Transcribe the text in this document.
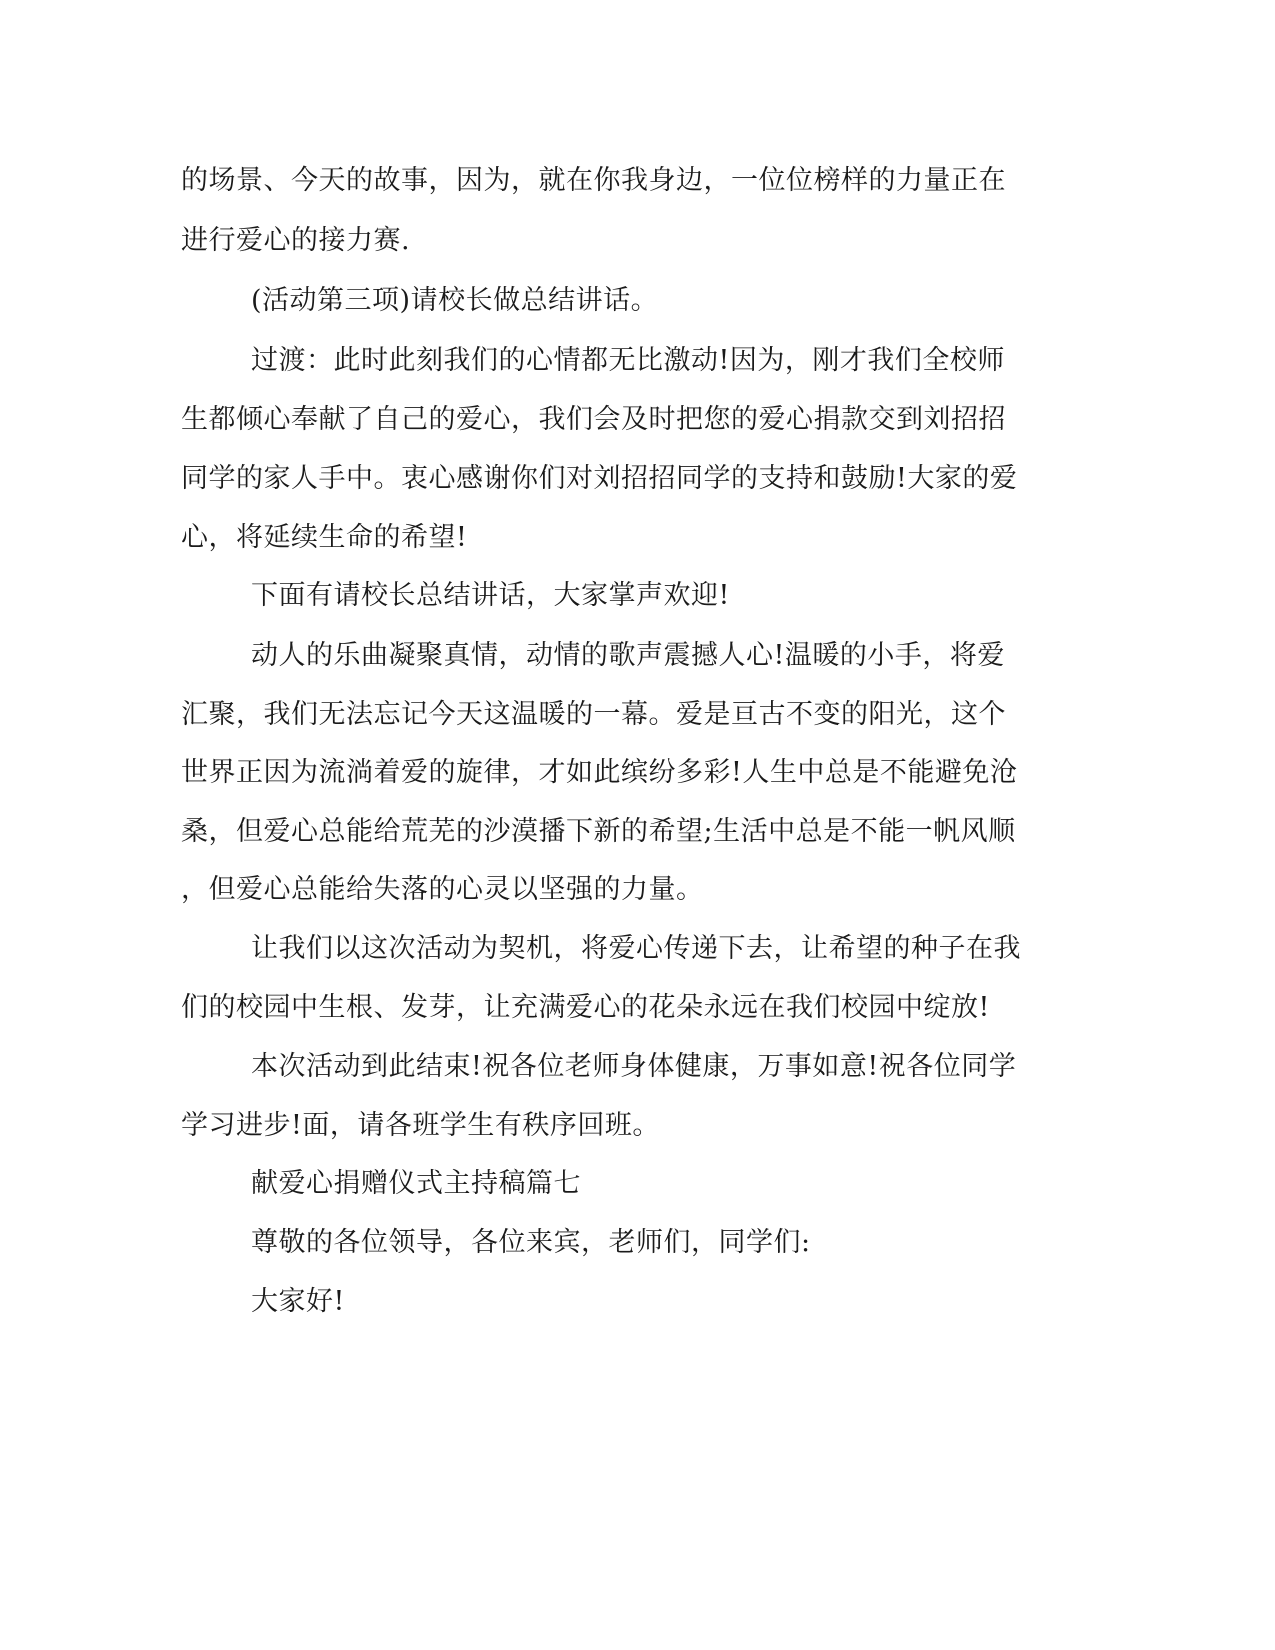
的场景、今天的故事，因为，就在你我身边，一位位榜样的力量正在
进行爱心的接力赛.
(活动第三项)请校长做总结讲话。
过渡：此时此刻我们的心情都无比激动!因为，刚才我们全校师
生都倾心奉献了自己的爱心，我们会及时把您的爱心捐款交到刘招招
同学的家人手中。衷心感谢你们对刘招招同学的支持和鼓励!大家的爱
心，将延续生命的希望!
下面有请校长总结讲话，大家掌声欢迎!
动人的乐曲凝聚真情，动情的歌声震撼人心!温暖的小手，将爱
汇聚，我们无法忘记今天这温暖的一幕。爱是亘古不变的阳光，这个
世界正因为流淌着爱的旋律，才如此缤纷多彩!人生中总是不能避免沧
桑，但爱心总能给荒芜的沙漠播下新的希望;生活中总是不能一帆风顺
，但爱心总能给失落的心灵以坚强的力量。
让我们以这次活动为契机，将爱心传递下去，让希望的种子在我
们的校园中生根、发芽，让充满爱心的花朵永远在我们校园中绽放!
本次活动到此结束!祝各位老师身体健康，万事如意!祝各位同学
学习进步!面，请各班学生有秩序回班。
献爱心捐赠仪式主持稿篇七
尊敬的各位领导，各位来宾，老师们，同学们:
大家好!
